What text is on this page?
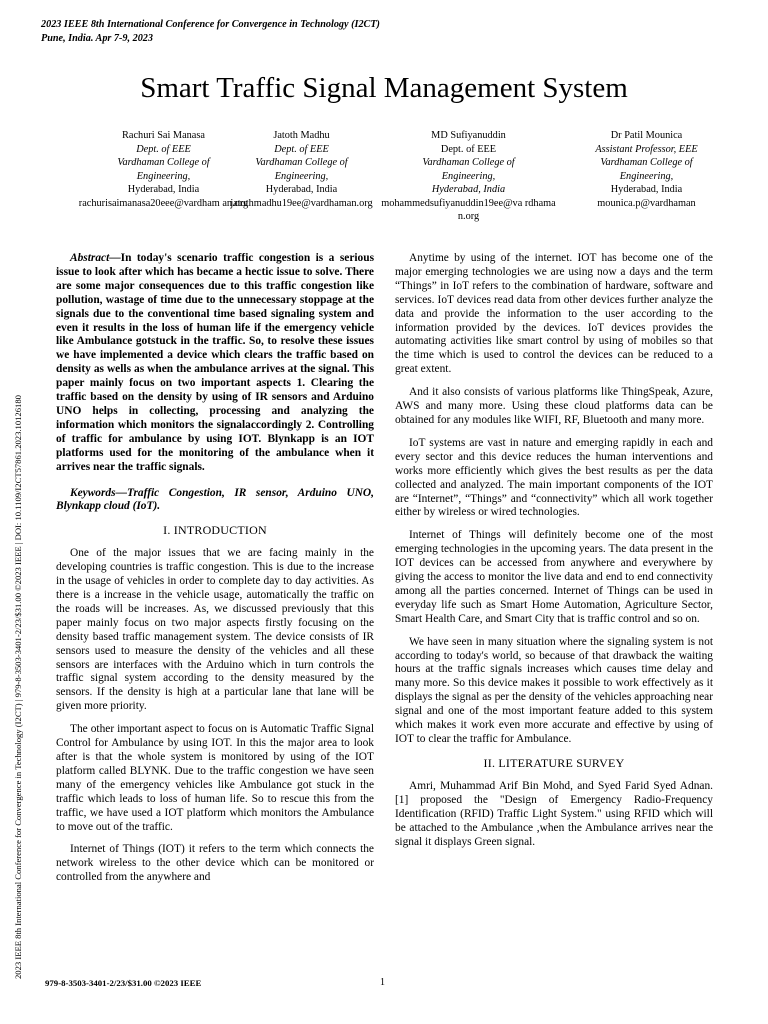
2023 IEEE 8th International Conference for Convergence in Technology (I2CT)
Pune, India. Apr 7-9, 2023
Smart Traffic Signal Management System
Rachuri Sai Manasa
Dept. of EEE
Vardhaman College of
Engineering,
Hyderabad, India
rachurisaimanasa20eee@vardham an.org
Jatoth Madhu
Dept. of EEE
Vardhaman College of
Engineering,
Hyderabad, India
jatothmadhu19ee@vardhaman.org
MD Sufiyanuddin
Dept. of EEE
Vardhaman College of
Engineering,
Hyderabad, India
mohammedsufiyanuddin19ee@va rdhaman.org
Dr Patil Mounica
Assistant Professor, EEE
Vardhaman College of
Engineering,
Hyderabad, India
mounica.p@vardhaman
2023 IEEE 8th International Conference for Convergence in Technology (I2CT) | 979-8-3503-3401-2/23/$31.00 ©2023 IEEE | DOI: 10.1109/I2CT57861.2023.10126180

Abstract—In today's scenario traffic congestion is a serious issue to look after which has became a hectic issue to solve. There are some major consequences due to this traffic congestion like pollution, wastage of time due to the unnecessary stoppage at the signals due to the conventional time based signaling system and even it results in the loss of human life if the emergency vehicle like Ambulance gotstuck in the traffic. So, to resolve these issues we have implemented a device which clears the traffic based on density as wells as when the ambulance arrives at the signal. This paper mainly focus on two important aspects 1. Clearing the traffic based on the density by using of IR sensors and Arduino UNO helps in collecting, processing and analyzing the information which monitors the signalaccordingly 2. Controlling of traffic for ambulance by using IOT. Blynkapp is an IOT platforms used for the monitoring of the ambulance when it arrives near the traffic signals.

Keywords—Traffic Congestion, IR sensor, Arduino UNO, Blynkapp cloud (IoT).

I. INTRODUCTION

One of the major issues that we are facing mainly in the developing countries is traffic congestion. This is due to the increase in the usage of vehicles in order to complete day to day activities. As there is a increase in the vehicle usage, automatically the traffic on the roads will be increases. As, we discussed previously that this paper mainly focus on two major aspects firstly focusing on the density based traffic management system. The device consists of IR sensors used to measure the density of the vehicles and all these sensors are interfaces with the Arduino which in turn controls the traffic signal system according to the density measured by the sensors. If the density is high at a particular lane that lane will be given more priority.

The other important aspect to focus on is Automatic Traffic Signal Control for Ambulance by using IOT. In this the major area to look after is that the whole system is monitored by using of the IOT platform called BLYNK. Due to the traffic congestion we have seen many of the emergency vehicles like Ambulance got stuck in the traffic which leads to loss of human life. So to rescue this from the traffic, we have used a IOT platform which monitors the Ambulance to move out of the traffic.

Internet of Things (IOT) it refers to the term which connects the network wireless to the other device which can be monitored or controlled from the anywhere and

Anytime by using of the internet. IOT has become one of the major emerging technologies we are using now a days and the term “Things” in IoT refers to the combination of hardware, software and services. IoT devices read data from other devices further analyze the data and provide the information to the user according to the information provided by the devices. IoT devices provides the automating activities like smart control by using of mobiles so that the time which is used to control the devices can be reduced to a great extent.

And it also consists of various platforms like ThingSpeak, Azure, AWS and many more. Using these cloud platforms data can be obtained for any modules like WIFI, RF, Bluetooth and many more.

IoT systems are vast in nature and emerging rapidly in each and every sector and this device reduces the human interventions and works more efficiently which gives the best results as per the data collected and analyzed. The main important components of the IOT are “Internet”, “Things” and “connectivity” which all work together either by wireless or wired technologies.

Internet of Things will definitely become one of the most emerging technologies in the upcoming years. The data present in the IOT devices can be accessed from anywhere and everywhere by giving the access to monitor the live data and end to end connectivity among all the parties concerned. Internet of Things can be used in everyday life such as Smart Home Automation, Agriculture Sector, Smart Health Care, and Smart City that is traffic control and so on.

We have seen in many situation where the signaling system is not according to today's world, so because of that drawback the waiting hours at the traffic signals increases which causes time delay and many more. So this device makes it possible to work effectively as it displays the signal as per the density of the vehicles approaching near signal and one of the most important feature added to this system which makes it work even more accurate and effective by using of IOT to clear the traffic for Ambulance.

II. LITERATURE SURVEY

Amri, Muhammad Arif Bin Mohd, and Syed Farid Syed Adnan.[1] proposed the "Design of Emergency Radio-Frequency Identification (RFID) Traffic Light System." using RFID which will be attached to the Ambulance ,when the Ambulance arrives near the signal it displays Green signal.

979-8-3503-3401-2/23/$31.00 ©2023 IEEE	1
